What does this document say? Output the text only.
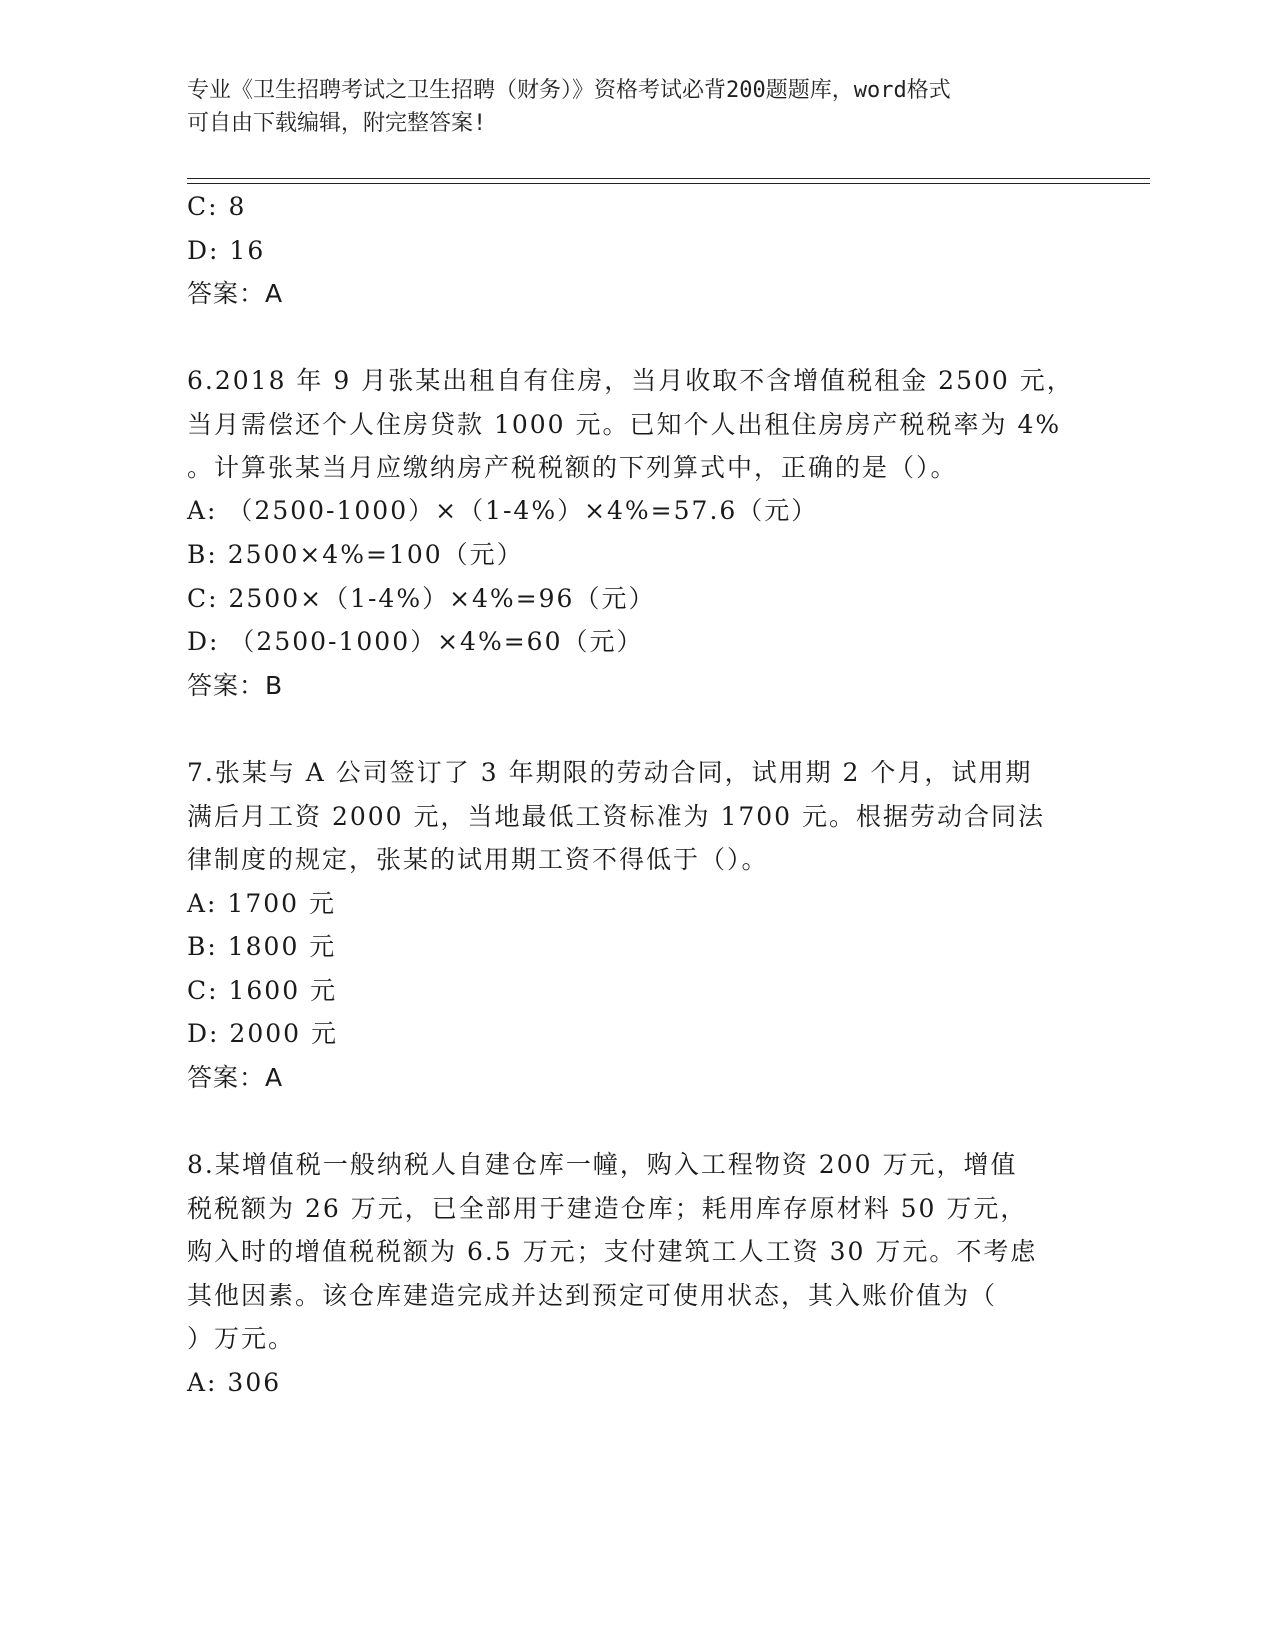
专业《卫生招聘考试之卫生招聘（财务）》资格考试必背200题题库，word格式
可自由下载编辑，附完整答案!
C: 8
D: 16
答案：A
6.2018 年 9 月张某出租自有住房，当月收取不含增值税租金 2500 元，
当月需偿还个人住房贷款 1000 元。已知个人出租住房房产税税率为 4%
。计算张某当月应缴纳房产税税额的下列算式中，正确的是（）。
A: （2500-1000）×（1-4%）×4%=57.6（元）
B: 2500×4%=100（元）
C: 2500×（1-4%）×4%=96（元）
D: （2500-1000）×4%=60（元）
答案：B
7.张某与 A 公司签订了 3 年期限的劳动合同，试用期 2 个月，试用期
满后月工资 2000 元，当地最低工资标准为 1700 元。根据劳动合同法
律制度的规定，张某的试用期工资不得低于（）。
A: 1700 元
B: 1800 元
C: 1600 元
D: 2000 元
答案：A
8.某增值税一般纳税人自建仓库一幢，购入工程物资 200 万元，增值
税税额为 26 万元，已全部用于建造仓库；耗用库存原材料 50 万元，
购入时的增值税税额为 6.5 万元；支付建筑工人工资 30 万元。不考虑
其他因素。该仓库建造完成并达到预定可使用状态，其入账价值为（
）万元。
A: 306
